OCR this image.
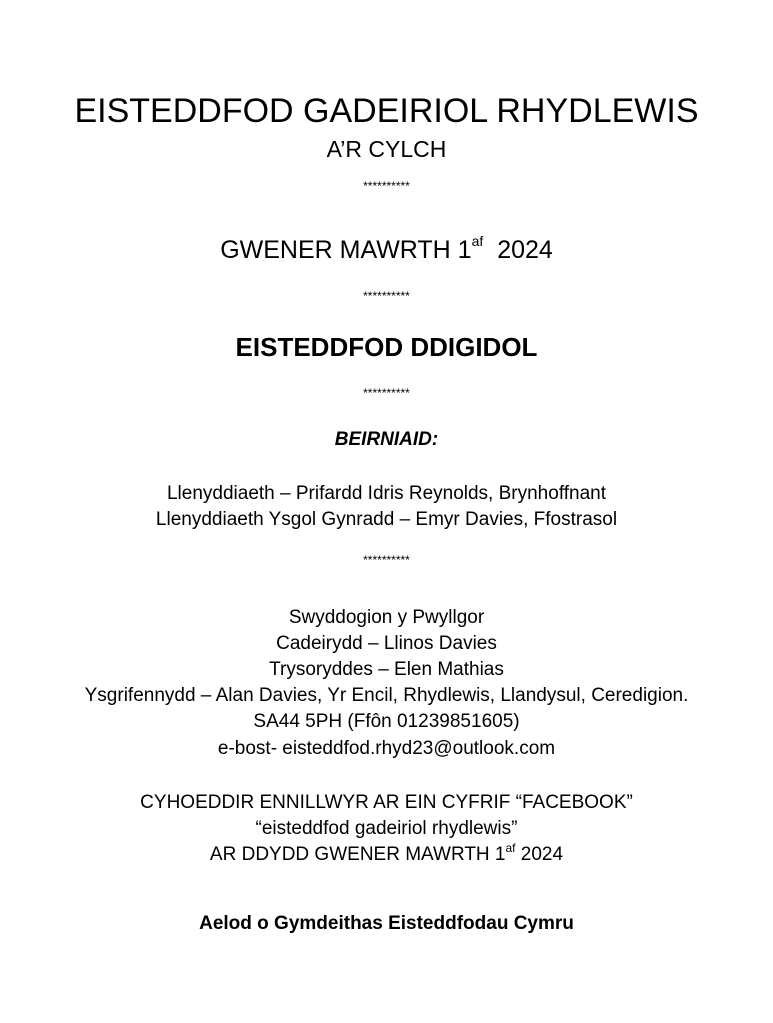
EISTEDDFOD GADEIRIOL RHYDLEWIS
A’R CYLCH
**********
GWENER MAWRTH $1^{af}$ 2024
**********
EISTEDDFOD DDIGIDOL
**********
BEIRNIAID:
Llenyddiaeth – Prifardd Idris Reynolds, Brynhoffnant
Llenyddiaeth Ysgol Gynradd – Emyr Davies, Ffostrasol
**********
Swyddogion y Pwyllgor
Cadeirydd – Llinos Davies
Trysoryddes – Elen Mathias
Ysgrifennydd – Alan Davies, Yr Encil, Rhydlewis, Llandysul, Ceredigion.
SA44 5PH (Ffôn 01239851605)
e-bost- eisteddfod.rhyd23@outlook.com
CYHOEDDIR ENNILLWYR AR EIN CYFRIF “FACEBOOK”
“eisteddfod gadeiriol rhydlewis”
AR DDYDD GWENER MAWRTH $1^{af}$ 2024
Aelod o Gymdeithas Eisteddfodau Cymru
